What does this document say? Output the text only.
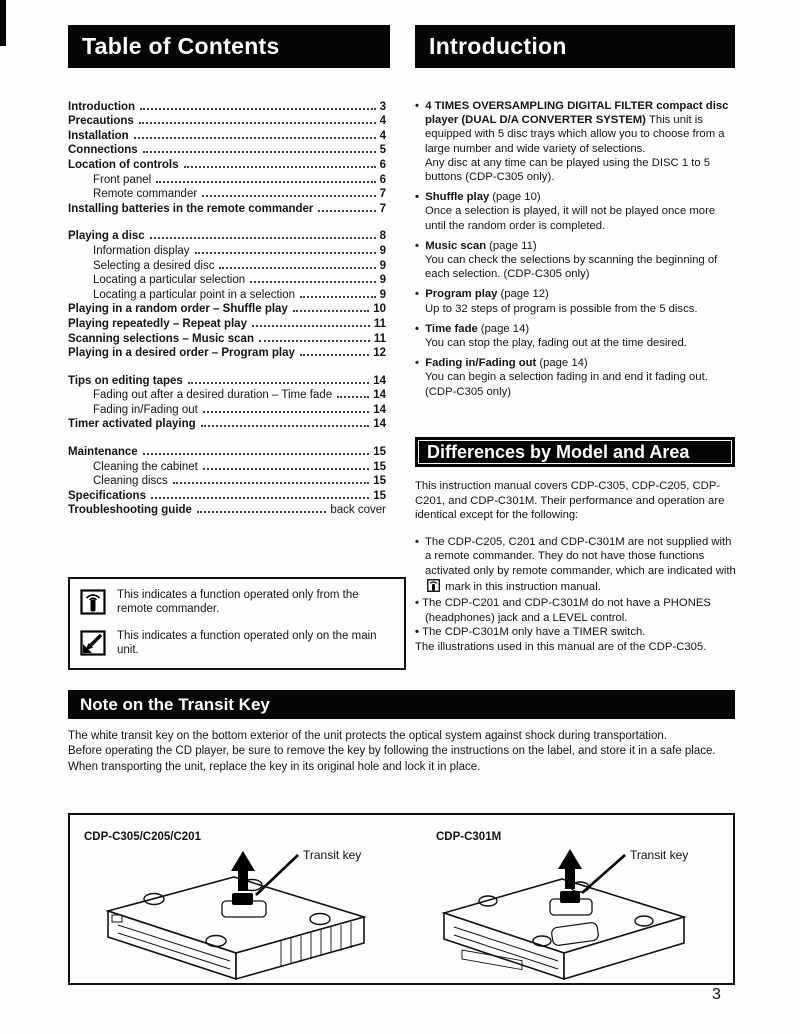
Table of Contents	Introduction
Introduction	3
Precautions	4
Installation	4
Connections	5
Location of controls	6
Front panel	6
Remote commander	7
Installing batteries in the remote commander	7
Playing a disc	8
Information display	9
Selecting a desired disc	9
Locating a particular selection	9
Locating a particular point in a selection	9
Playing in a random order – Shuffle play	10
Playing repeatedly – Repeat play	11
Scanning selections – Music scan	11
Playing in a desired order – Program play	12
Tips on editing tapes	14
Fading out after a desired duration – Time fade	14
Fading in/Fading out	14
Timer activated playing	14
Maintenance	15
Cleaning the cabinet	15
Cleaning discs	15
Specifications	15
Troubleshooting guide	back cover
This indicates a function operated only from the remote commander.
This indicates a function operated only on the main unit.
• 4 TIMES OVERSAMPLING DIGITAL FILTER compact disc player (DUAL D/A CONVERTER SYSTEM) This unit is equipped with 5 disc trays which allow you to choose from a large number and wide variety of selections.
Any disc at any time can be played using the DISC 1 to 5 buttons (CDP-C305 only).
• Shuffle play (page 10)
Once a selection is played, it will not be played once more until the random order is completed.
• Music scan (page 11)
You can check the selections by scanning the beginning of each selection. (CDP-C305 only)
• Program play (page 12)
Up to 32 steps of program is possible from the 5 discs.
• Time fade (page 14)
You can stop the play, fading out at the time desired.
• Fading in/Fading out (page 14)
You can begin a selection fading in and end it fading out. (CDP-C305 only)
Differences by Model and Area
This instruction manual covers CDP-C305, CDP-C205, CDP-C201, and CDP-C301M. Their performance and operation are identical except for the following:
• The CDP-C205, C201 and CDP-C301M are not supplied with a remote commander. They do not have those functions activated only by remote commander, which are indicated with  mark in this instruction manual.
• The CDP-C201 and CDP-C301M do not have a PHONES (headphones) jack and a LEVEL control.
• The CDP-C301M only have a TIMER switch.
The illustrations used in this manual are of the CDP-C305.
Note on the Transit Key
The white transit key on the bottom exterior of the unit protects the optical system against shock during transportation.
Before operating the CD player, be sure to remove the key by following the instructions on the label, and store it in a safe place.
When transporting the unit, replace the key in its original hole and lock it in place.
CDP-C305/C205/C201	CDP-C301M
Transit key	Transit key
3
